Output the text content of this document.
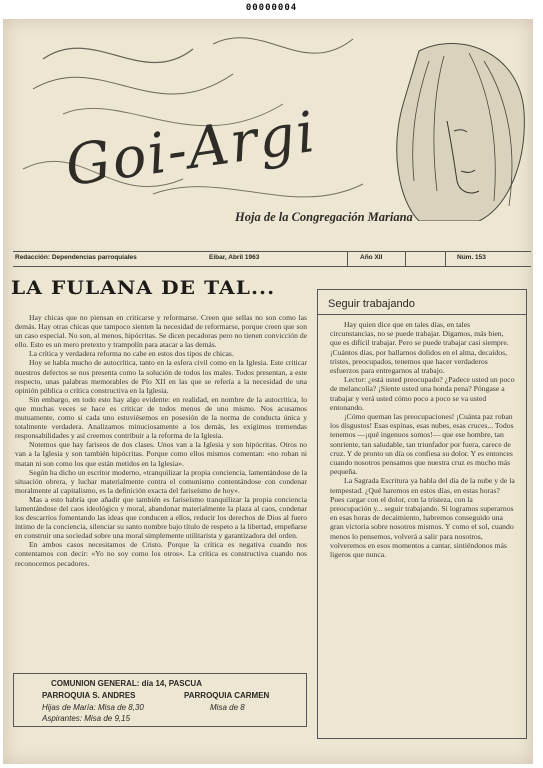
00000004
Goi-Argi
Hoja de la Congregación Mariana
Redacción: Dependencias parroquiales	Eibar, Abril 1963	Año XII	Núm. 153
LA FULANA DE TAL...

Hay chicas que no piensan en criticarse y reformarse. Creen que sellas no son como las demás. Hay otras chicas que tampoco sienten la necesidad de reformarse, porque creen que son un caso especial. No son, al menos, hipócritas. Se dicen pecadoras pero no tienen convicción de ello. Esto es un mero pretexto y trampolín para atacar a las demás.

La crítica y verdadera reforma no cabe en estos dos tipos de chicas.

Hoy se habla mucho de autocrítica, tanto en la esfera civil como en la Iglesia. Este criticar nuestros defectos se nos presenta como la solución de todos los males. Todos presentan, a este respecto, unas palabras memorables de Pío XII en las que se refería a la necesidad de una opinión pública o crítica constructiva en la Iglesia.

Sin embargo, en todo esto hay algo evidente: en realidad, en nombre de la autocrítica, lo que muchas veces se hace es criticar de todos menos de uno mismo. Nos acusamos mutuamente, como si cada uno estuviésemos en posesión de la norma de conducta única y totalmente verdadera. Analizamos minuciosamente a los demás, les exigimos tremendas responsabilidades y así creemos contribuir a la reforma de la Iglesia.

Notemos que hay fariseos de dos clases. Unos van a la Iglesia y son hipócritas. Otros no van a la Iglesia y son también hipócritas. Porque como ellos mismos comentan: «no roban ni matan ni son como los que están metidos en la Iglesia».

Según ha dicho un escritor moderno, «tranquilizar la propia conciencia, lamentándose de la situación obrera, y luchar materialmente contra el comunismo contentándose con condenar moralmente al capitalismo, es la definición exacta del fariseísmo de hoy».

Mas a esto habría que añadir que también es fariseísmo tranquilizar la propia conciencia lamentándose del caos ideológico y moral, abandonar materialmente la plaza al caos, condenar los descarríos fomentando las ideas que conducen a ellos, reducir los derechos de Dios al fuero íntimo de la conciencia, silenciar su santo nombre bajo título de respeto a la libertad, empeñarse en construir una sociedad sobre una moral simplemente utilitarista y garantizadora del orden.

En ambos casos necesitamos de Cristo. Porque la crítica es negativa cuando nos contentamos con decir: «Yo no soy como los otros». La crítica es constructiva cuando nos reconocemos pecadores.

COMUNION GENERAL: día 14, PASCUA
PARROQUIA S. ANDRES	PARROQUIA CARMEN
Hijas de María: Misa de 8,30	Misa de 8
Aspirantes: Misa de 9,15
Seguir trabajando

Hay quien dice que en tales días, en tales circunstancias, no se puede trabajar. Digamos, más bien, que es difícil trabajar. Pero se puede trabajar casi siempre. ¡Cuántos días, por hallarnos dolidos en el alma, decaídos, tristes, preocupados, tenemos que hacer verdaderos esfuerzos para entregarnos al trabajo.

Lector: ¿está usted preocupado? ¿Padece usted un poco de melancolía? ¡Siente usted una honda pena? Póngase a trabajar y verá usted cómo poco a poco se va usted entonando.

¡Cómo queman las preocupaciones! ¡Cuánta paz roban los disgustos! Esas espinas, esas nubes, esas cruces... Todos tenemos —¡qué ingenuos somos!— que ese hombre, tan sonriente, tan saludable, tan triunfador por fuera, carece de cruz. Y de pronto un día os confiesa su dolor. Y es entonces cuando nosotros pensamos que nuestra cruz es mucho más pequeña.

La Sagrada Escritura ya habla del día de la nube y de la tempestad. ¿Qué haremos en estos días, en estas horas? Pues cargar con el dolor, con la tristeza, con la preocupación y... seguir trabajando. Si logramos superarnos en esas horas de decaimiento, habremos conseguido una gran victoria sobre nosotros mismos. Y como el sol, cuando menos lo pensemos, volverá a salir para nosotros, volveremos en esos momentos a cantar, sintiéndonos más ligeros que nunca.
